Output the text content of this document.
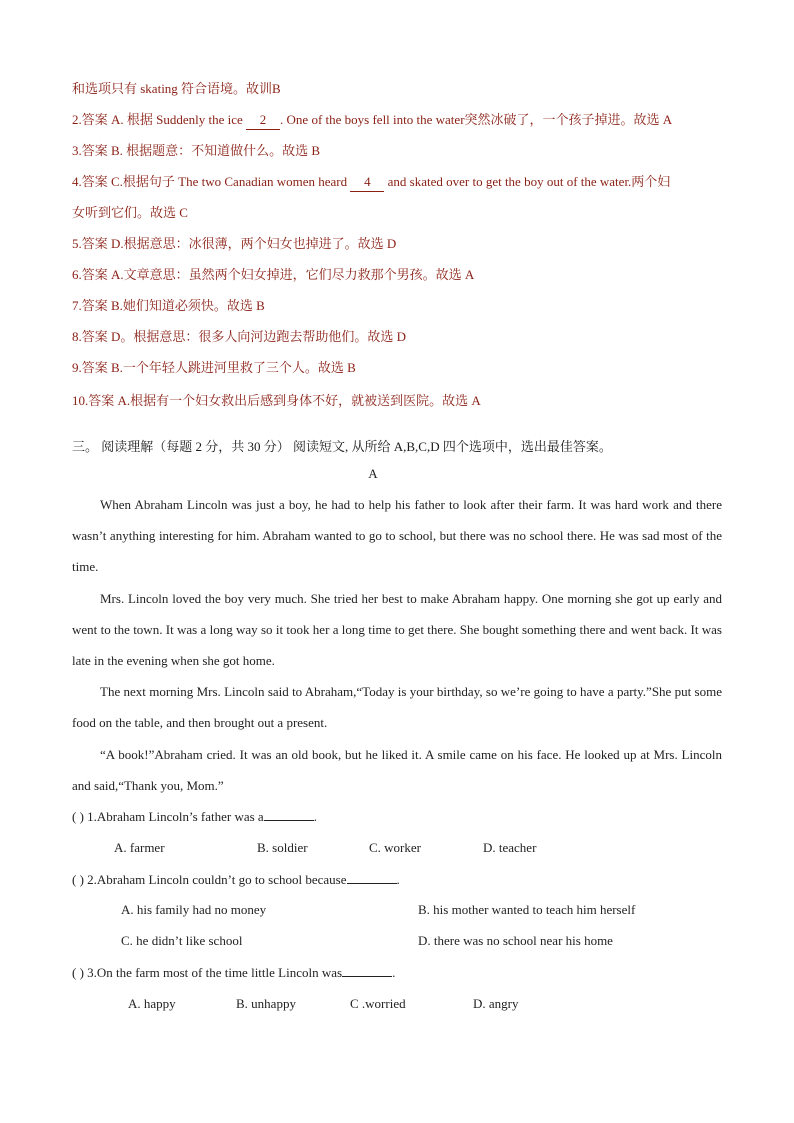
和选项只有 skating 符合语境。故训B
2.答案 A. 根据 Suddenly the ice 2 . One of the boys fell into the water突然冰破了，一个孩子掉进。故选 A
3.答案 B. 根据题意：不知道做什么。故选 B
4.答案 C.根据句子 The two Canadian women heard 4 and skated over to get the boy out of the water.两个妇
女听到它们。故选 C
5.答案 D.根据意思：冰很薄，两个妇女也掉进了。故选 D
6.答案 A.文章意思：虽然两个妇女掉进，它们尽力救那个男孩。故选 A
7.答案 B.她们知道必须快。故选 B
8.答案 D。根据意思：很多人向河边跑去帮助他们。故选 D
9.答案 B.一个年轻人跳进河里救了三个人。故选 B
10.答案 A.根据有一个妇女救出后感到身体不好，就被送到医院。故选 A
三。 阅读理解（每题 2 分，共 30 分） 阅读短文, 从所给 A,B,C,D 四个选项中，选出最佳答案。
A
When Abraham Lincoln was just a boy, he had to help his father to look after their farm. It was hard work and there wasn’t anything interesting for him. Abraham wanted to go to school, but there was no school there. He was sad most of the time.
Mrs. Lincoln loved the boy very much. She tried her best to make Abraham happy. One morning she got up early and went to the town. It was a long way so it took her a long time to get there. She bought something there and went back. It was late in the evening when she got home.
The next morning Mrs. Lincoln said to Abraham,“Today is your birthday, so we’re going to have a party.”She put some food on the table, and then brought out a present.
“A book!”Abraham cried. It was an old book, but he liked it. A smile came on his face. He looked up at Mrs. Lincoln and said,“Thank you, Mom.”
( ) 1.Abraham Lincoln’s father was a	.
A. farmer	B. soldier	C. worker	D. teacher
( ) 2.Abraham Lincoln couldn’t go to school because	.
A. his family had no money	B. his mother wanted to teach him herself
C. he didn’t like school	D. there was no school near his home
( ) 3.On the farm most of the time little Lincoln was	.
A. happy	B. unhappy	C .worried	D. angry
